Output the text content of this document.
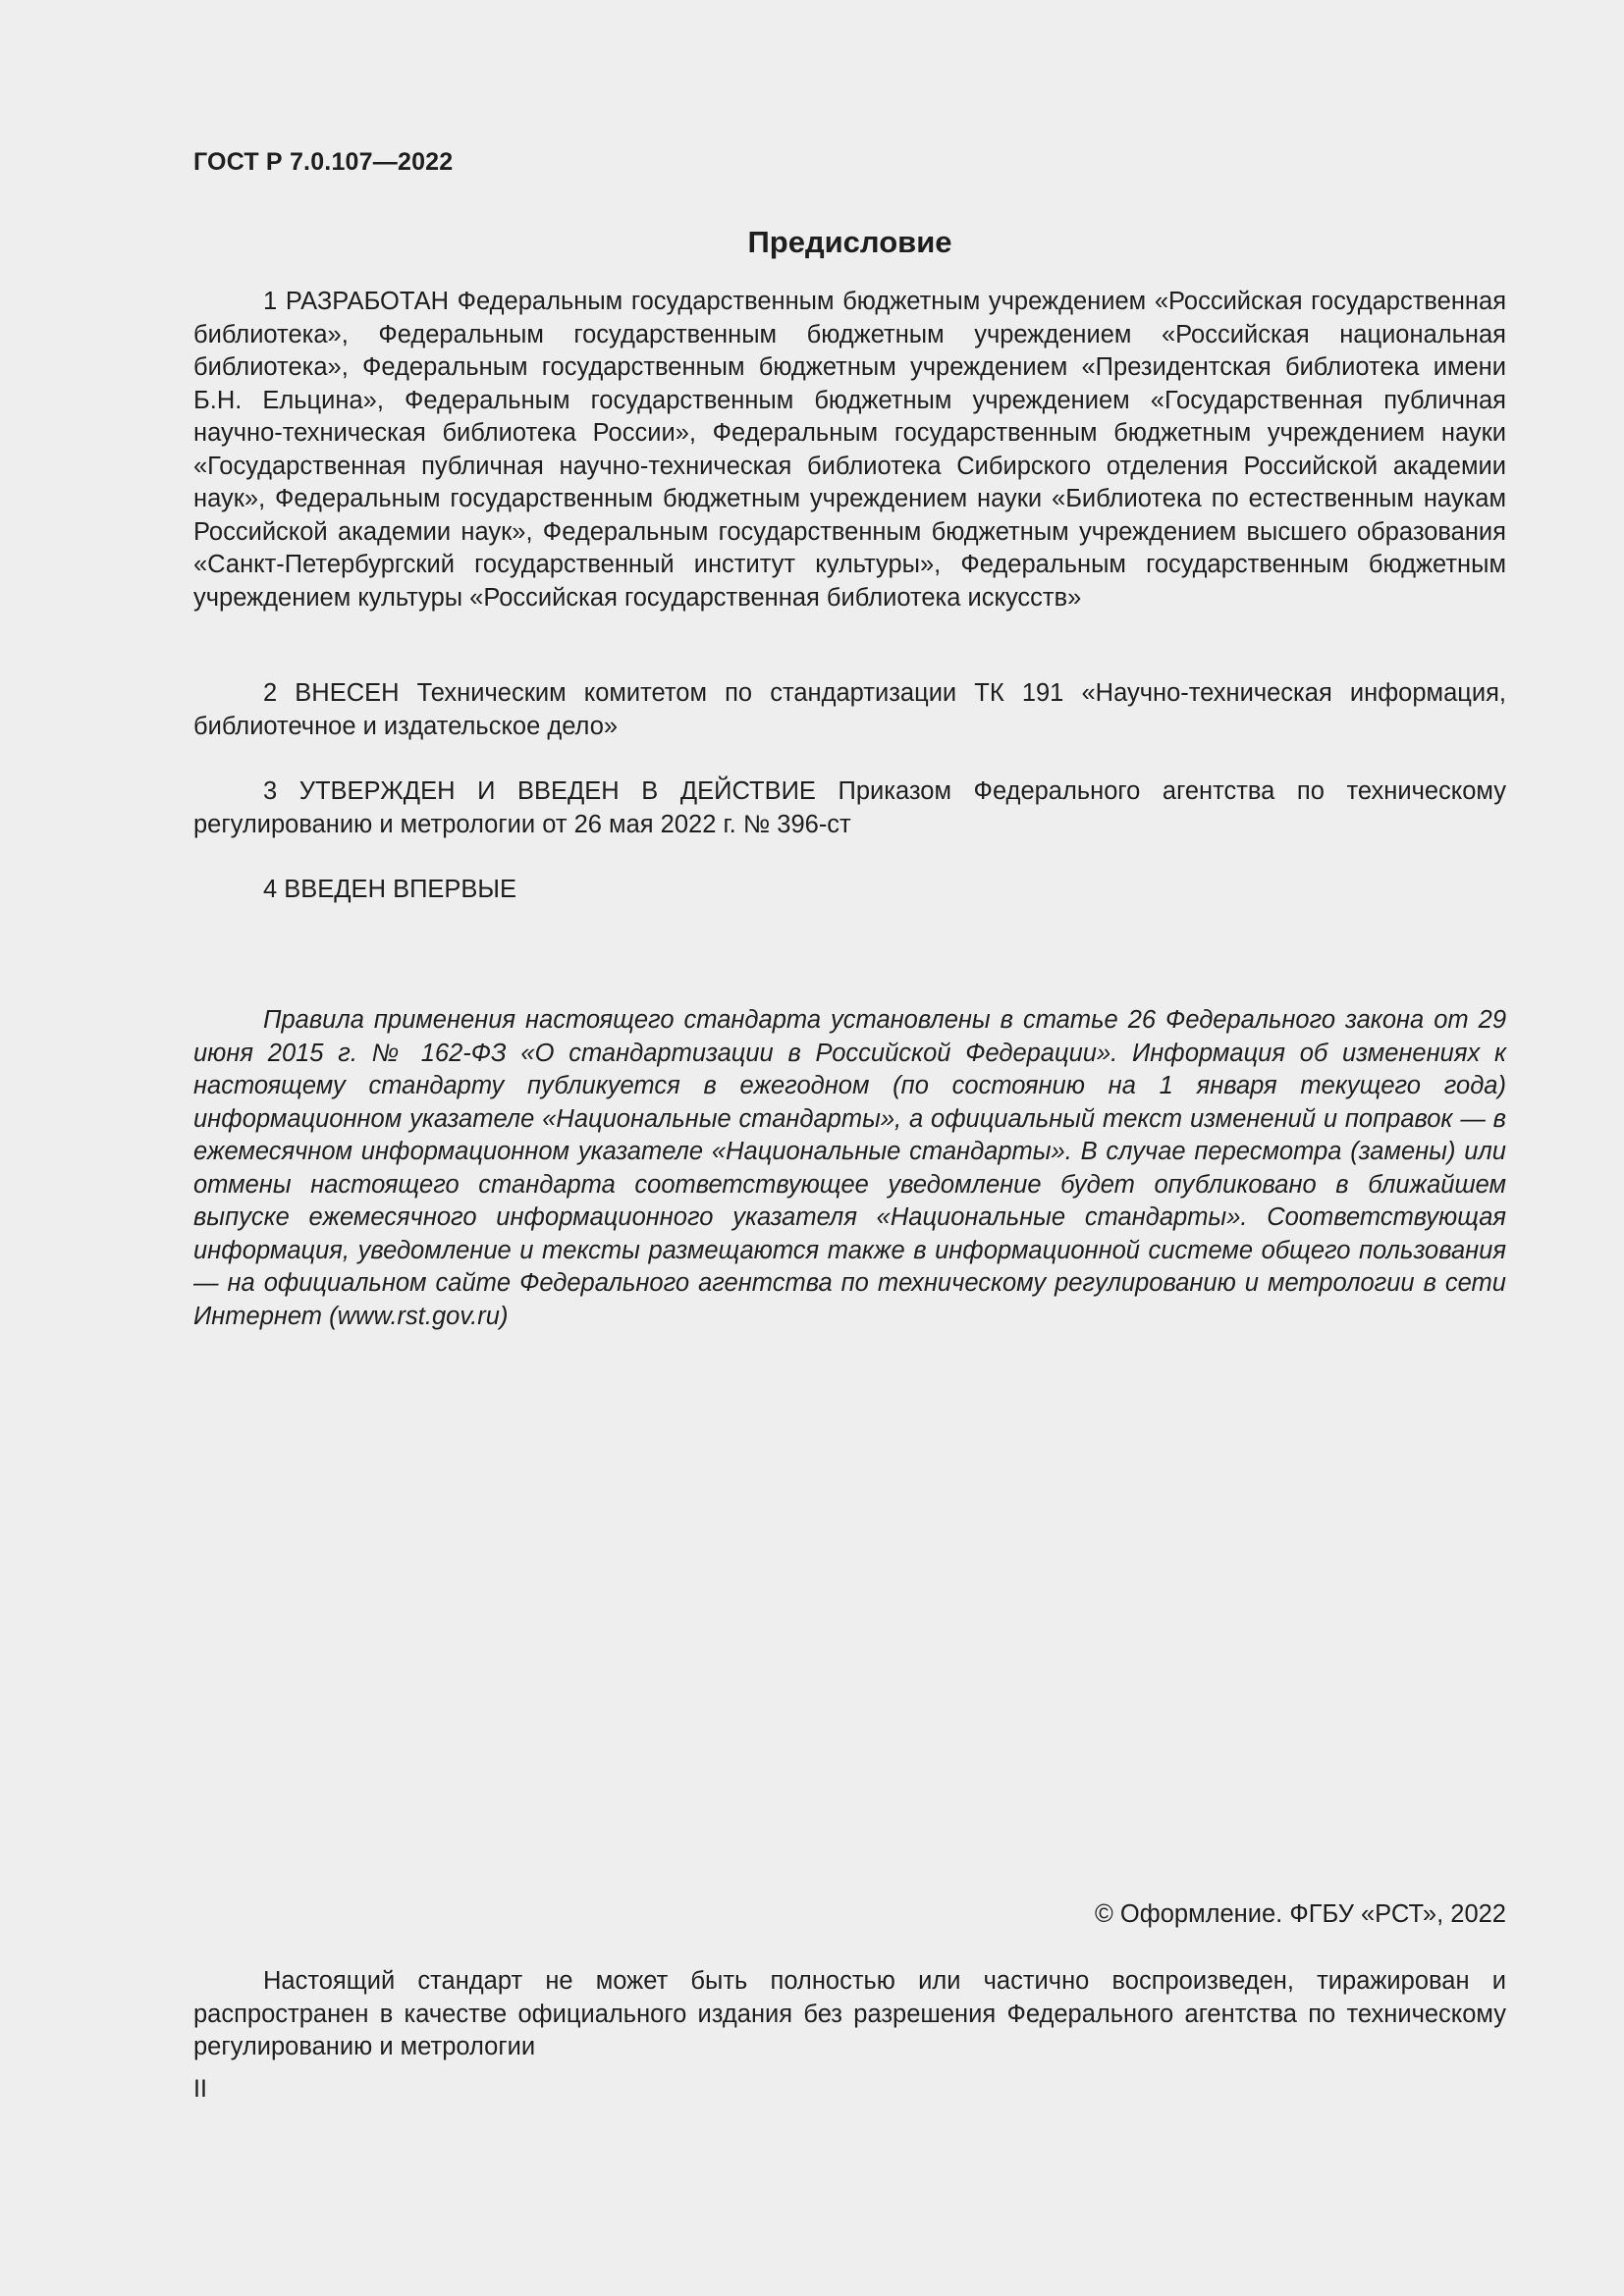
ГОСТ Р 7.0.107—2022
Предисловие

1 РАЗРАБОТАН Федеральным государственным бюджетным учреждением «Российская государственная библиотека», Федеральным государственным бюджетным учреждением «Российская национальная библиотека», Федеральным государственным бюджетным учреждением «Президентская библиотека имени Б.Н. Ельцина», Федеральным государственным бюджетным учреждением «Государственная публичная научно-техническая библиотека России», Федеральным государственным бюджетным учреждением науки «Государственная публичная научно-техническая библиотека Сибирского отделения Российской академии наук», Федеральным государственным бюджетным учреждением науки «Библиотека по естественным наукам Российской академии наук», Федеральным государственным бюджетным учреждением высшего образования «Санкт-Петербургский государственный институт культуры», Федеральным государственным бюджетным учреждением культуры «Российская государственная библиотека искусств»

2 ВНЕСЕН Техническим комитетом по стандартизации ТК 191 «Научно-техническая информация, библиотечное и издательское дело»

3 УТВЕРЖДЕН И ВВЕДЕН В ДЕЙСТВИЕ Приказом Федерального агентства по техническому регулированию и метрологии от 26 мая 2022 г. № 396-ст

4 ВВЕДЕН ВПЕРВЫЕ

Правила применения настоящего стандарта установлены в статье 26 Федерального закона от 29 июня 2015 г. № 162-ФЗ «О стандартизации в Российской Федерации». Информация об изменениях к настоящему стандарту публикуется в ежегодном (по состоянию на 1 января текущего года) информационном указателе «Национальные стандарты», а официальный текст изменений и поправок — в ежемесячном информационном указателе «Национальные стандарты». В случае пересмотра (замены) или отмены настоящего стандарта соответствующее уведомление будет опубликовано в ближайшем выпуске ежемесячного информационного указателя «Национальные стандарты». Соответствующая информация, уведомление и тексты размещаются также в информационной системе общего пользования — на официальном сайте Федерального агентства по техническому регулированию и метрологии в сети Интернет (www.rst.gov.ru)

© Оформление. ФГБУ «РСТ», 2022

Настоящий стандарт не может быть полностью или частично воспроизведен, тиражирован и распространен в качестве официального издания без разрешения Федерального агентства по техническому регулированию и метрологии

II
